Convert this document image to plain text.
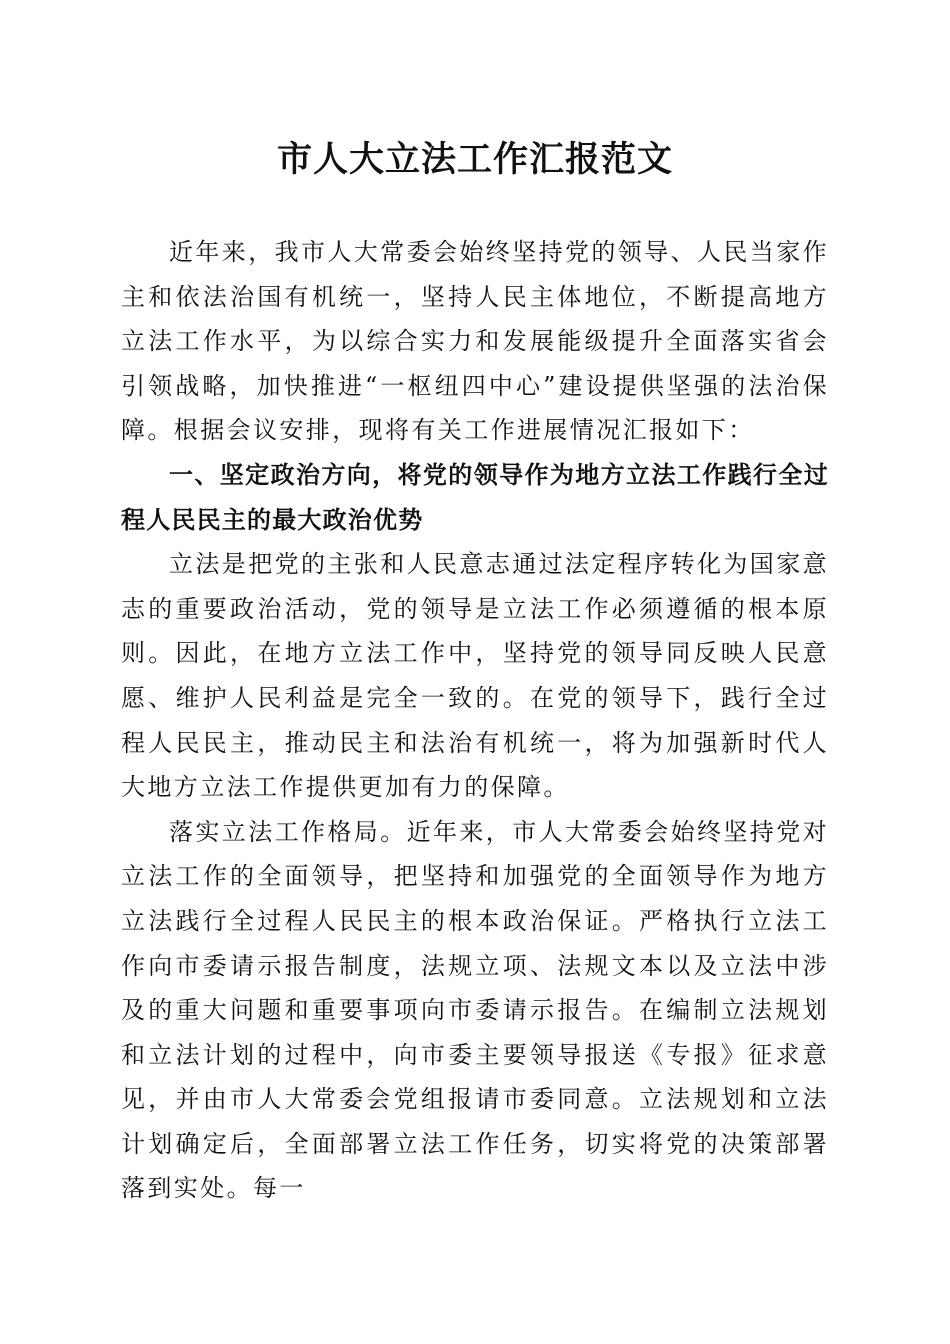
市人大立法工作汇报范文

近年来，我市人大常委会始终坚持党的领导、人民当家作主和依法治国有机统一，坚持人民主体地位，不断提高地方立法工作水平，为以综合实力和发展能级提升全面落实省会引领战略，加快推进“一枢纽四中心”建设提供坚强的法治保障。根据会议安排，现将有关工作进展情况汇报如下：

一、坚定政治方向，将党的领导作为地方立法工作践行全过程人民民主的最大政治优势

立法是把党的主张和人民意志通过法定程序转化为国家意志的重要政治活动，党的领导是立法工作必须遵循的根本原则。因此，在地方立法工作中，坚持党的领导同反映人民意愿、维护人民利益是完全一致的。在党的领导下，践行全过程人民民主，推动民主和法治有机统一，将为加强新时代人大地方立法工作提供更加有力的保障。

落实立法工作格局。近年来，市人大常委会始终坚持党对立法工作的全面领导，把坚持和加强党的全面领导作为地方立法践行全过程人民民主的根本政治保证。严格执行立法工作向市委请示报告制度，法规立项、法规文本以及立法中涉及的重大问题和重要事项向市委请示报告。在编制立法规划和立法计划的过程中，向市委主要领导报送《专报》征求意见，并由市人大常委会党组报请市委同意。立法规划和立法计划确定后，全面部署立法工作任务，切实将党的决策部署落到实处。每一
